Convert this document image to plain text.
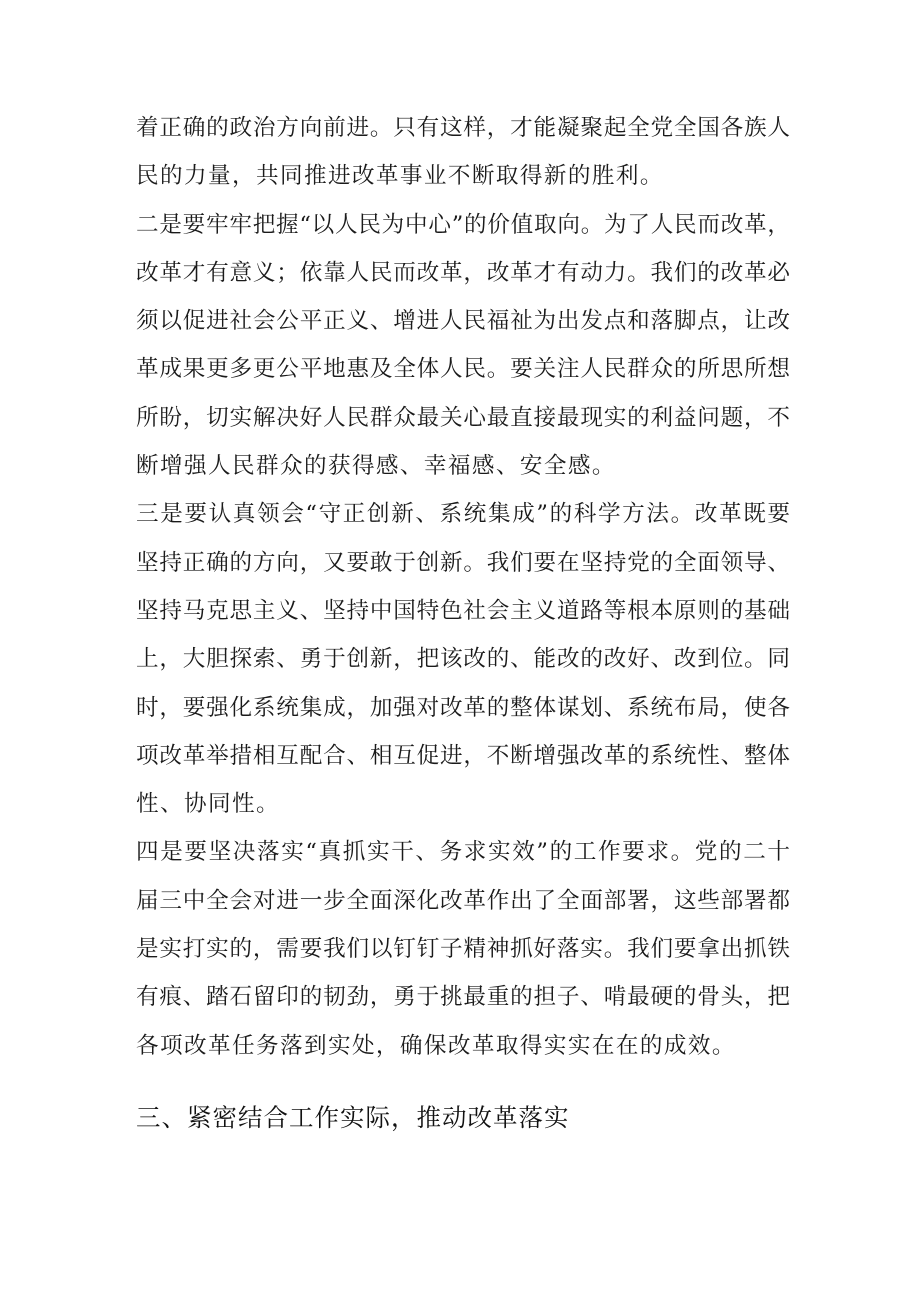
着正确的政治方向前进。只有这样，才能凝聚起全党全国各族人
民的力量，共同推进改革事业不断取得新的胜利。
二是要牢牢把握“以人民为中心”的价值取向。为了人民而改革，
改革才有意义；依靠人民而改革，改革才有动力。我们的改革必
须以促进社会公平正义、增进人民福祉为出发点和落脚点，让改
革成果更多更公平地惠及全体人民。要关注人民群众的所思所想
所盼，切实解决好人民群众最关心最直接最现实的利益问题，不
断增强人民群众的获得感、幸福感、安全感。
三是要认真领会“守正创新、系统集成”的科学方法。改革既要
坚持正确的方向，又要敢于创新。我们要在坚持党的全面领导、
坚持马克思主义、坚持中国特色社会主义道路等根本原则的基础
上，大胆探索、勇于创新，把该改的、能改的改好、改到位。同
时，要强化系统集成，加强对改革的整体谋划、系统布局，使各
项改革举措相互配合、相互促进，不断增强改革的系统性、整体
性、协同性。
四是要坚决落实“真抓实干、务求实效”的工作要求。党的二十
届三中全会对进一步全面深化改革作出了全面部署，这些部署都
是实打实的，需要我们以钉钉子精神抓好落实。我们要拿出抓铁
有痕、踏石留印的韧劲，勇于挑最重的担子、啃最硬的骨头，把
各项改革任务落到实处，确保改革取得实实在在的成效。
三、紧密结合工作实际，推动改革落实
